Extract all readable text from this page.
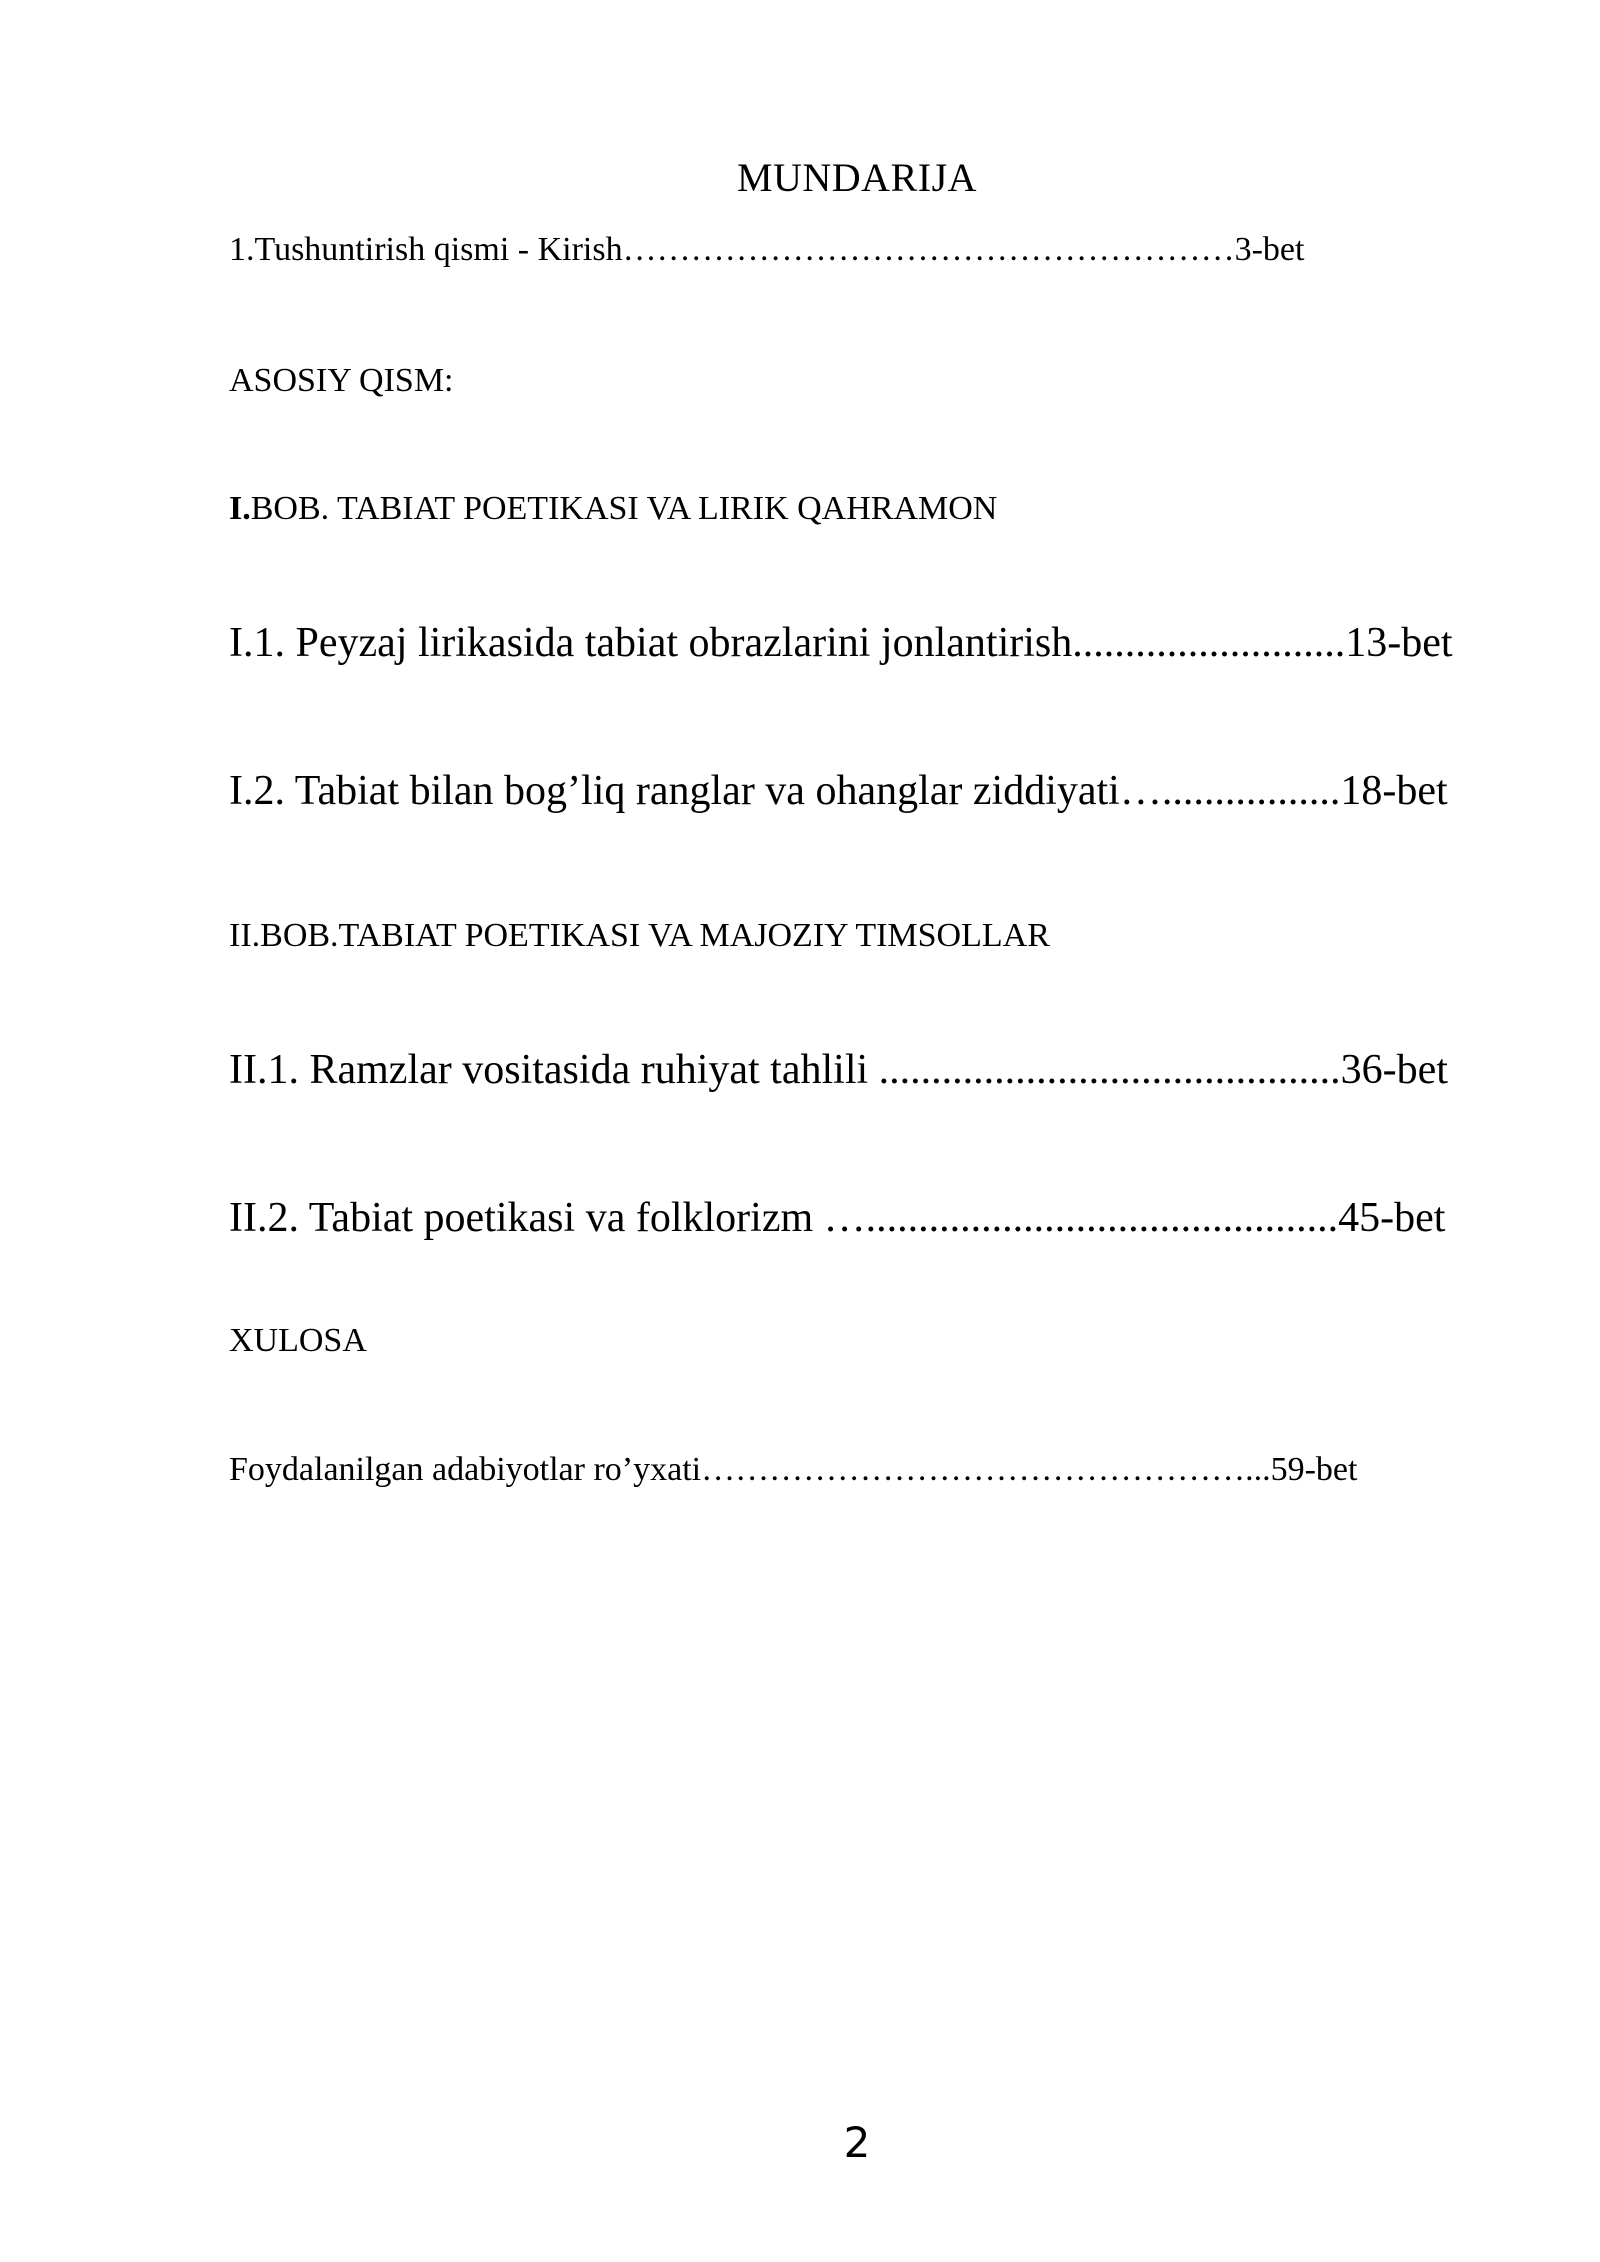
MUNDARIJA
1.Tushuntirish qismi - Kirish………………………………………………3-bet
ASOSIY QISM:
I.BOB. TABIAT POETIKASI VA LIRIK QAHRAMON
I.1. Peyzaj lirikasida tabiat obrazlarini jonlantirish..........................13-bet
I.2. Tabiat bilan bog’liq ranglar va ohanglar ziddiyati….................18-bet
II.BOB.TABIAT POETIKASI VA MAJOZIY TIMSOLLAR
II.1. Ramzlar vositasida ruhiyat tahlili ............................................36-bet
II.2. Tabiat poetikasi va folklorizm ….............................................45-bet
XULOSA
Foydalanilgan adabiyotlar ro’yxati…………………………………………...59-bet
2
